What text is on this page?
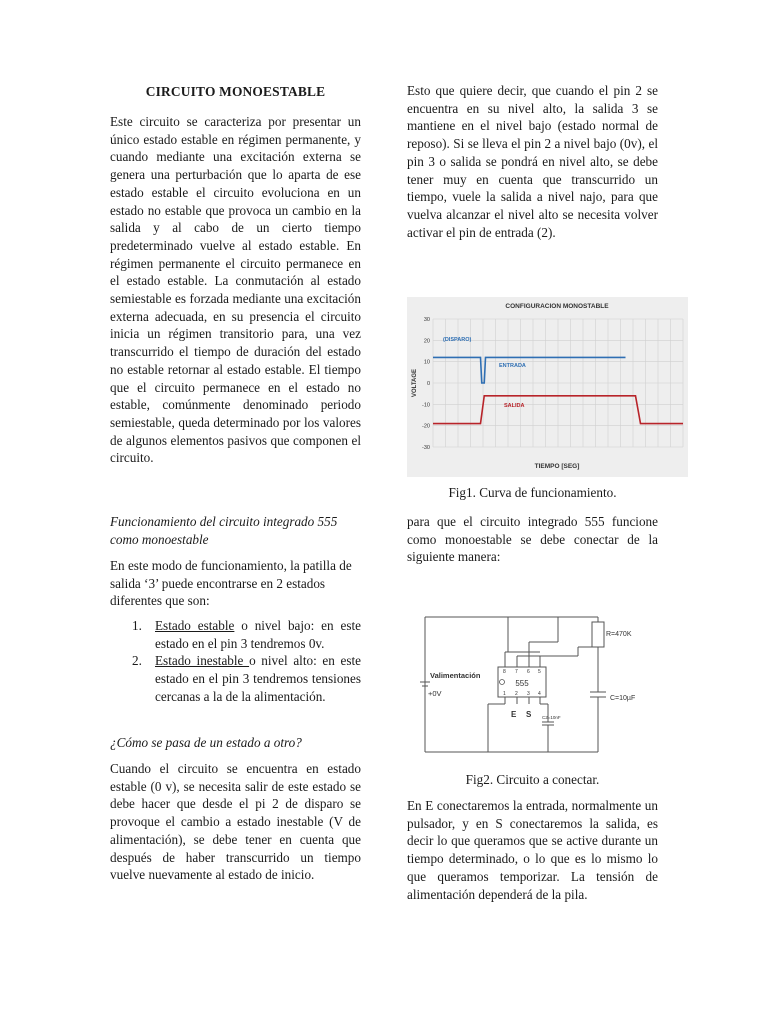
CIRCUITO MONOESTABLE

Este circuito se caracteriza por presentar un único estado estable en régimen permanente, y cuando mediante una excitación externa se genera una perturbación que lo aparta de ese estado estable el circuito evoluciona en un estado no estable que provoca un cambio en la salida y al cabo de un cierto tiempo predeterminado vuelve al estado estable. En régimen permanente el circuito permanece en el estado estable. La conmutación al estado semiestable es forzada mediante una excitación externa adecuada, en su presencia el circuito inicia un régimen transitorio para, una vez transcurrido el tiempo de duración del estado no estable retornar al estado estable. El tiempo que el circuito permanece en el estado no estable, comúnmente denominado periodo semiestable, queda determinado por los valores de algunos elementos pasivos que componen el circuito.

Funcionamiento del circuito integrado 555 como monoestable

En este modo de funcionamiento, la patilla de salida ‘3’ puede encontrarse en 2 estados diferentes que son:

1. Estado estable o nivel bajo: en este estado en el pin 3 tendremos 0v.
2. Estado inestable o nivel alto: en este estado en el pin 3 tendremos tensiones cercanas a la de la alimentación.

¿Cómo se pasa de un estado a otro?

Cuando el circuito se encuentra en estado estable (0 v), se necesita salir de este estado se debe hacer que desde el pi 2 de disparo se provoque el cambio a estado inestable (V de alimentación), se debe tener en cuenta que después de haber transcurrido un tiempo vuelve nuevamente al estado de inicio.

Esto que quiere decir, que cuando el pin 2 se encuentra en su nivel alto, la salida 3 se mantiene en el nivel bajo (estado normal de reposo). Si se lleva el pin 2 a nivel bajo (0v), el pin 3 o salida se pondrá en nivel alto, se debe tener muy en cuenta que transcurrido un tiempo, vuele la salida a nivel najo, para que vuelva alcanzar el nivel alto se necesita volver activar el pin de entrada (2).

CONFIGURACION MONOSTABLE
TIEMPO [SEG]
VOLTAGE
30
20
10
0
-10
-20
-30
(DISPARO)
ENTRADA
SALIDA

Fig1. Curva de funcionamiento.

para que el circuito integrado 555 funcione como monoestable se debe conectar de la siguiente manera:

Valimentación
+0V
555
R=470K
C=10µF
C2=10nF
E S
8 7 6 5
1 2 3 4

Fig2. Circuito a conectar.

En E conectaremos la entrada, normalmente un pulsador, y en S conectaremos la salida, es decir lo que queramos que se active durante un tiempo determinado, o lo que es lo mismo lo que queramos temporizar. La tensión de alimentación dependerá de la pila.
